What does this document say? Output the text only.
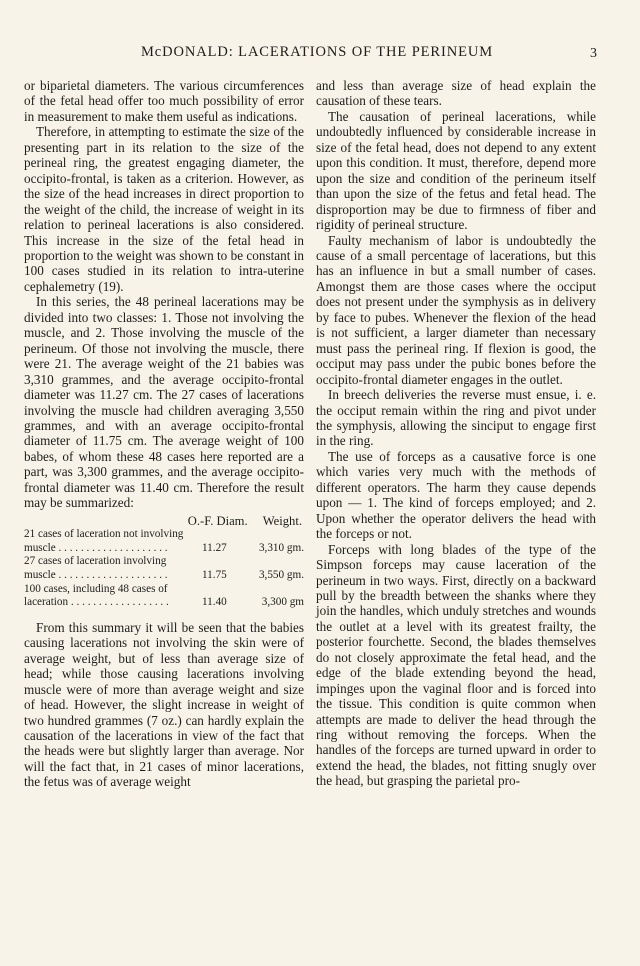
McDONALD: LACERATIONS OF THE PERINEUM	3

or biparietal diameters. The various circumferences of the fetal head offer too much possibility of error in measurement to make them useful as indications.

Therefore, in attempting to estimate the size of the presenting part in its relation to the size of the perineal ring, the greatest engaging diameter, the occipito-frontal, is taken as a criterion. However, as the size of the head increases in direct proportion to the weight of the child, the increase of weight in its relation to perineal lacerations is also considered. This increase in the size of the fetal head in proportion to the weight was shown to be constant in 100 cases studied in its relation to intra-uterine cephalemetry (19).

In this series, the 48 perineal lacerations may be divided into two classes: 1. Those not involving the muscle, and 2. Those involving the muscle of the perineum. Of those not involving the muscle, there were 21. The average weight of the 21 babies was 3,310 grammes, and the average occipito-frontal diameter was 11.27 cm. The 27 cases of lacerations involving the muscle had children averaging 3,550 grammes, and with an average occipito-frontal diameter of 11.75 cm. The average weight of 100 babes, of whom these 48 cases here reported are a part, was 3,300 grammes, and the average occipito-frontal diameter was 11.40 cm. Therefore the result may be summarized:

O.-F. Diam. Weight.
21 cases of laceration not involving
muscle . . . . . . . . . . . . . . . . . . . .	11.27	3,310 gm.
27 cases of laceration involving
muscle . . . . . . . . . . . . . . . . . . . .	11.75	3,550 gm.
100 cases, including 48 cases of
laceration . . . . . . . . . . . . . . . . . .	11.40	3,300 gm

From this summary it will be seen that the babies causing lacerations not involving the skin were of average weight, but of less than average size of head; while those causing lacerations involving muscle were of more than average weight and size of head. However, the slight increase in weight of two hundred grammes (7 oz.) can hardly explain the causation of the lacerations in view of the fact that the heads were but slightly larger than average. Nor will the fact that, in 21 cases of minor lacerations, the fetus was of average weight

and less than average size of head explain the causation of these tears.

The causation of perineal lacerations, while undoubtedly influenced by considerable increase in size of the fetal head, does not depend to any extent upon this condition. It must, therefore, depend more upon the size and condition of the perineum itself than upon the size of the fetus and fetal head. The disproportion may be due to firmness of fiber and rigidity of perineal structure.

Faulty mechanism of labor is undoubtedly the cause of a small percentage of lacerations, but this has an influence in but a small number of cases. Amongst them are those cases where the occiput does not present under the symphysis as in delivery by face to pubes. Whenever the flexion of the head is not sufficient, a larger diameter than necessary must pass the perineal ring. If flexion is good, the occiput may pass under the pubic bones before the occipito-frontal diameter engages in the outlet.

In breech deliveries the reverse must ensue, i. e. the occiput remain within the ring and pivot under the symphysis, allowing the sinciput to engage first in the ring.

The use of forceps as a causative force is one which varies very much with the methods of different operators. The harm they cause depends upon — 1. The kind of forceps employed; and 2. Upon whether the operator delivers the head with the forceps or not.

Forceps with long blades of the type of the Simpson forceps may cause laceration of the perineum in two ways. First, directly on a backward pull by the breadth between the shanks where they join the handles, which unduly stretches and wounds the outlet at a level with its greatest frailty, the posterior fourchette. Second, the blades themselves do not closely approximate the fetal head, and the edge of the blade extending beyond the head, impinges upon the vaginal floor and is forced into the tissue. This condition is quite common when attempts are made to deliver the head through the ring without removing the forceps. When the handles of the forceps are turned upward in order to extend the head, the blades, not fitting snugly over the head, but grasping the parietal pro-
